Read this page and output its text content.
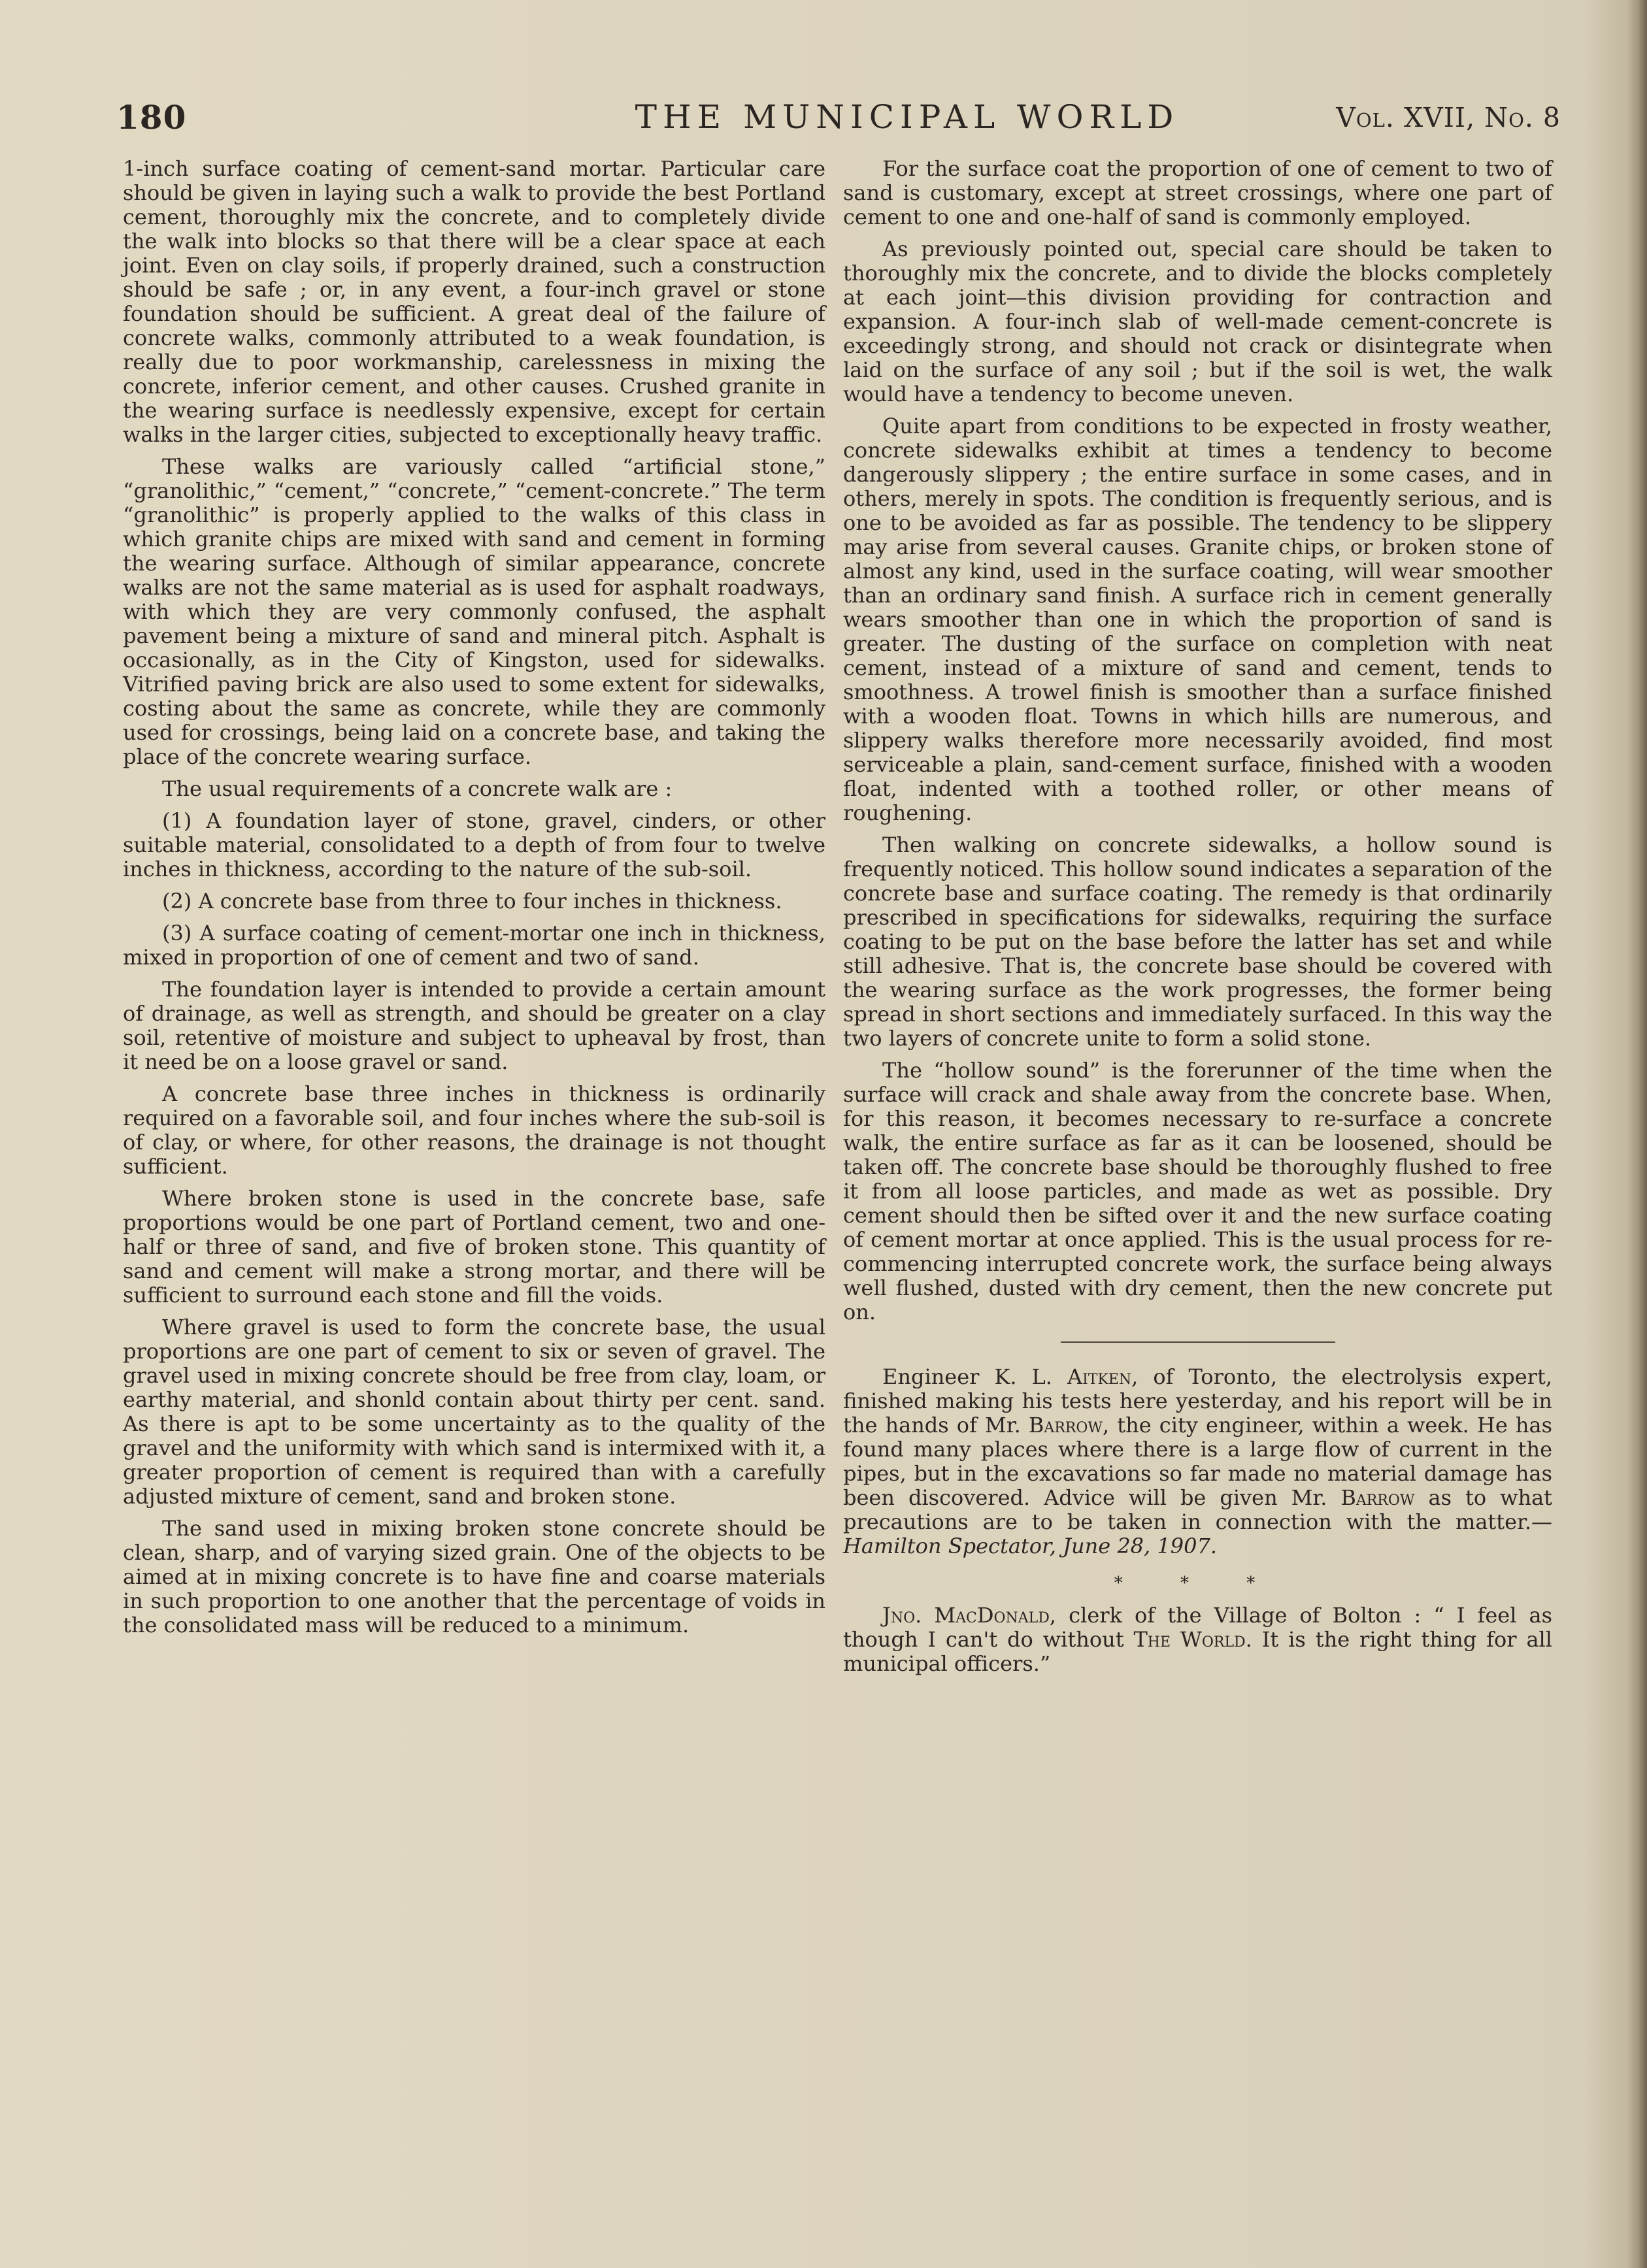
180	THE MUNICIPAL WORLD	Vol. XVII, No. 8

1-inch surface coating of cement-sand mortar. Particular care should be given in laying such a walk to provide the best Portland cement, thoroughly mix the concrete, and to completely divide the walk into blocks so that there will be a clear space at each joint. Even on clay soils, if properly drained, such a construction should be safe ; or, in any event, a four-inch gravel or stone foundation should be sufficient. A great deal of the failure of concrete walks, commonly attributed to a weak foundation, is really due to poor workmanship, carelessness in mixing the concrete, inferior cement, and other causes. Crushed granite in the wearing surface is needlessly expensive, except for certain walks in the larger cities, subjected to exceptionally heavy traffic.

These walks are variously called “artificial stone,” “granolithic,” “cement,” “concrete,” “cement-concrete.” The term “granolithic” is properly applied to the walks of this class in which granite chips are mixed with sand and cement in forming the wearing surface. Although of similar appearance, concrete walks are not the same material as is used for asphalt roadways, with which they are very commonly confused, the asphalt pavement being a mixture of sand and mineral pitch. Asphalt is occasionally, as in the City of Kingston, used for sidewalks. Vitrified paving brick are also used to some extent for sidewalks, costing about the same as concrete, while they are commonly used for crossings, being laid on a concrete base, and taking the place of the concrete wearing surface.

The usual requirements of a concrete walk are :

(1) A foundation layer of stone, gravel, cinders, or other suitable material, consolidated to a depth of from four to twelve inches in thickness, according to the nature of the sub-soil.

(2) A concrete base from three to four inches in thickness.

(3) A surface coating of cement-mortar one inch in thickness, mixed in proportion of one of cement and two of sand.

The foundation layer is intended to provide a certain amount of drainage, as well as strength, and should be greater on a clay soil, retentive of moisture and subject to upheaval by frost, than it need be on a loose gravel or sand.

A concrete base three inches in thickness is ordinarily required on a favorable soil, and four inches where the sub-soil is of clay, or where, for other reasons, the drainage is not thought sufficient.

Where broken stone is used in the concrete base, safe proportions would be one part of Portland cement, two and one-half or three of sand, and five of broken stone. This quantity of sand and cement will make a strong mortar, and there will be sufficient to surround each stone and fill the voids.

Where gravel is used to form the concrete base, the usual proportions are one part of cement to six or seven of gravel. The gravel used in mixing concrete should be free from clay, loam, or earthy material, and shonld contain about thirty per cent. sand. As there is apt to be some uncertainty as to the quality of the gravel and the uniformity with which sand is intermixed with it, a greater proportion of cement is required than with a carefully adjusted mixture of cement, sand and broken stone.

The sand used in mixing broken stone concrete should be clean, sharp, and of varying sized grain. One of the objects to be aimed at in mixing concrete is to have fine and coarse materials in such proportion to one another that the percentage of voids in the consolidated mass will be reduced to a minimum.

For the surface coat the proportion of one of cement to two of sand is customary, except at street crossings, where one part of cement to one and one-half of sand is commonly employed.

As previously pointed out, special care should be taken to thoroughly mix the concrete, and to divide the blocks completely at each joint—this division providing for contraction and expansion. A four-inch slab of well-made cement-concrete is exceedingly strong, and should not crack or disintegrate when laid on the surface of any soil ; but if the soil is wet, the walk would have a tendency to become uneven.

Quite apart from conditions to be expected in frosty weather, concrete sidewalks exhibit at times a tendency to become dangerously slippery ; the entire surface in some cases, and in others, merely in spots. The condition is frequently serious, and is one to be avoided as far as possible. The tendency to be slippery may arise from several causes. Granite chips, or broken stone of almost any kind, used in the surface coating, will wear smoother than an ordinary sand finish. A surface rich in cement generally wears smoother than one in which the proportion of sand is greater. The dusting of the surface on completion with neat cement, instead of a mixture of sand and cement, tends to smoothness. A trowel finish is smoother than a surface finished with a wooden float. Towns in which hills are numerous, and slippery walks therefore more necessarily avoided, find most serviceable a plain, sand-cement surface, finished with a wooden float, indented with a toothed roller, or other means of roughening.

Then walking on concrete sidewalks, a hollow sound is frequently noticed. This hollow sound indicates a separation of the concrete base and surface coating. The remedy is that ordinarily prescribed in specifications for sidewalks, requiring the surface coating to be put on the base before the latter has set and while still adhesive. That is, the concrete base should be covered with the wearing surface as the work progresses, the former being spread in short sections and immediately surfaced. In this way the two layers of concrete unite to form a solid stone.

The “hollow sound” is the forerunner of the time when the surface will crack and shale away from the concrete base. When, for this reason, it becomes necessary to re-surface a concrete walk, the entire surface as far as it can be loosened, should be taken off. The concrete base should be thoroughly flushed to free it from all loose particles, and made as wet as possible. Dry cement should then be sifted over it and the new surface coating of cement mortar at once applied. This is the usual process for re-commencing interrupted concrete work, the surface being always well flushed, dusted with dry cement, then the new concrete put on.

Engineer K. L. Aitken, of Toronto, the electrolysis expert, finished making his tests here yesterday, and his report will be in the hands of Mr. Barrow, the city engineer, within a week. He has found many places where there is a large flow of current in the pipes, but in the excavations so far made no material damage has been discovered. Advice will be given Mr. Barrow as to what precautions are to be taken in connection with the matter.—Hamilton Spectator, June 28, 1907.

* * *

Jno. MacDonald, clerk of the Village of Bolton : “ I feel as though I can't do without The World. It is the right thing for all municipal officers.”
